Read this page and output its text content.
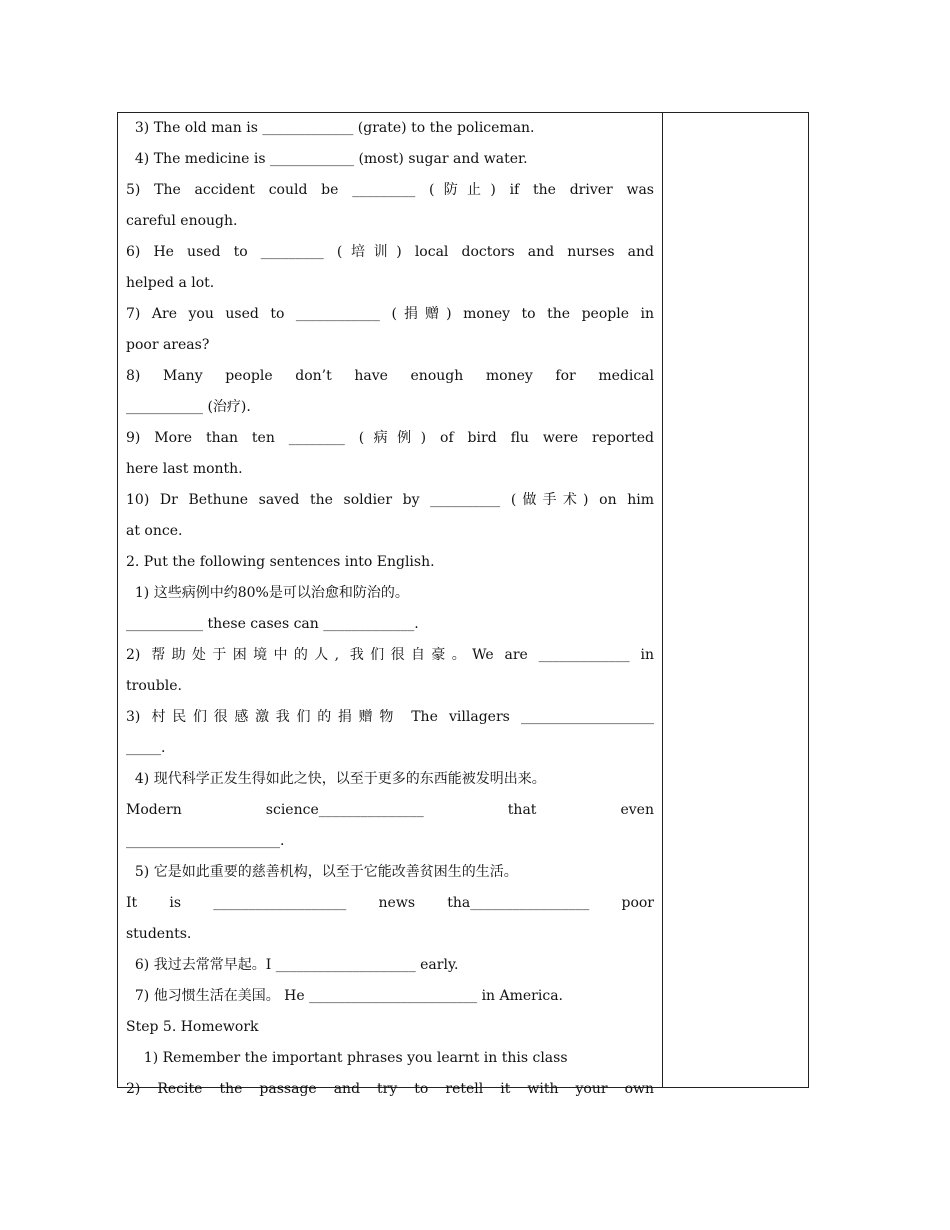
3) The old man is _____________ (grate) to the policeman.
4) The medicine is ____________ (most) sugar and water.
5) The accident could be _________ (防止) if the driver was
careful enough.
6) He used to _________ (培训) local doctors and nurses and
helped a lot.
7) Are you used to ____________ (捐赠) money to the people in
poor areas?
8) Many people don’t have enough money for medical
___________ (治疗).
9) More than ten ________ (病例) of bird flu were reported
here last month.
10) Dr Bethune saved the soldier by __________ (做手术) on him
at once.
2. Put the following sentences into English.
1) 这些病例中约80%是可以治愈和防治的。
___________ these cases can _____________.
2) 帮助处于困境中的人, 我们很自豪。We are _____________ in
trouble.
3) 村民们很感激我们的捐赠物 The villagers ___________________
_____.
4) 现代科学正发生得如此之快，以至于更多的东西能被发明出来。
Modern science_______________ that even
______________________.
5) 它是如此重要的慈善机构，以至于它能改善贫困生的生活。
It is ___________________ news tha_________________ poor
students.
6) 我过去常常早起。I ____________________ early.
7) 他习惯生活在美国。 He ________________________ in America.
Step 5. Homework
1) Remember the important phrases you learnt in this class
2) Recite the passage and try to retell it with your own
